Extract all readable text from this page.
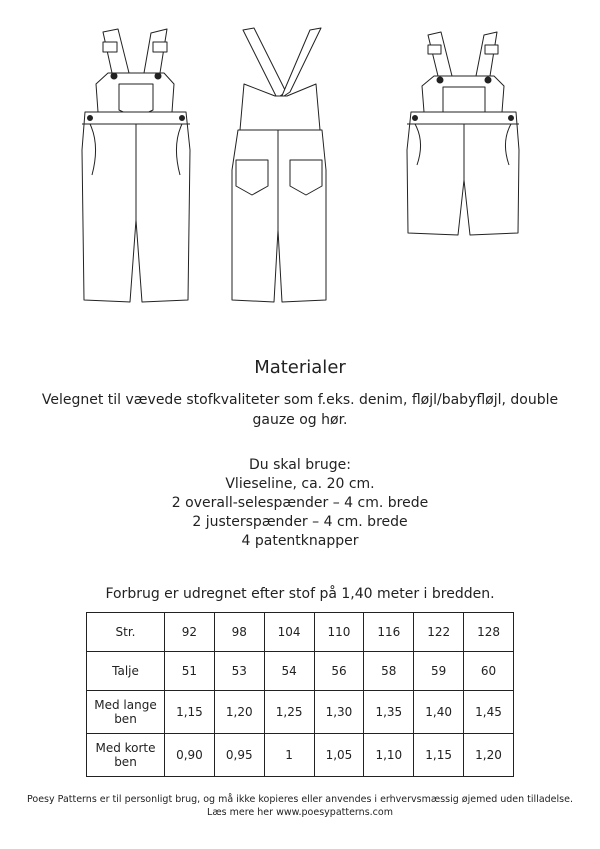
Materialer
Velegnet til vævede stofkvaliteter som f.eks. denim, fløjl/babyfløjl, double gauze og hør.
Du skal bruge:
Vlieseline, ca. 20 cm.
2 overall-selespænder – 4 cm. brede
2 justerspænder – 4 cm. brede
4 patentknapper
Forbrug er udregnet efter stof på 1,40 meter i bredden.
Str.	92	98	104	110	116	122	128
Talje	51	53	54	56	58	59	60
Med lange ben	1,15	1,20	1,25	1,30	1,35	1,40	1,45
Med korte ben	0,90	0,95	1	1,05	1,10	1,15	1,20
Poesy Patterns er til personligt brug, og må ikke kopieres eller anvendes i erhvervsmæssig øjemed uden tilladelse.
Læs mere her www.poesypatterns.com
